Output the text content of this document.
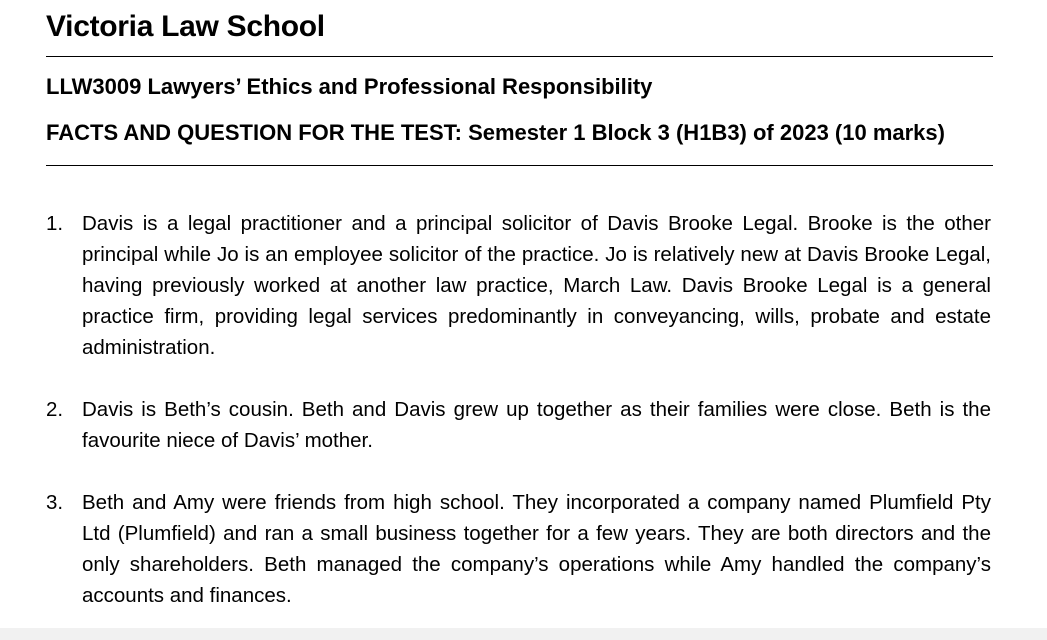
Victoria Law School
LLW3009 Lawyers’ Ethics and Professional Responsibility
FACTS AND QUESTION FOR THE TEST: Semester 1 Block 3 (H1B3) of 2023 (10 marks)
1. Davis is a legal practitioner and a principal solicitor of Davis Brooke Legal. Brooke is the other principal while Jo is an employee solicitor of the practice. Jo is relatively new at Davis Brooke Legal, having previously worked at another law practice, March Law. Davis Brooke Legal is a general practice firm, providing legal services predominantly in conveyancing, wills, probate and estate administration.
2. Davis is Beth’s cousin. Beth and Davis grew up together as their families were close. Beth is the favourite niece of Davis’ mother.
3. Beth and Amy were friends from high school. They incorporated a company named Plumfield Pty Ltd (Plumfield) and ran a small business together for a few years. They are both directors and the only shareholders. Beth managed the company’s operations while Amy handled the company’s accounts and finances.
